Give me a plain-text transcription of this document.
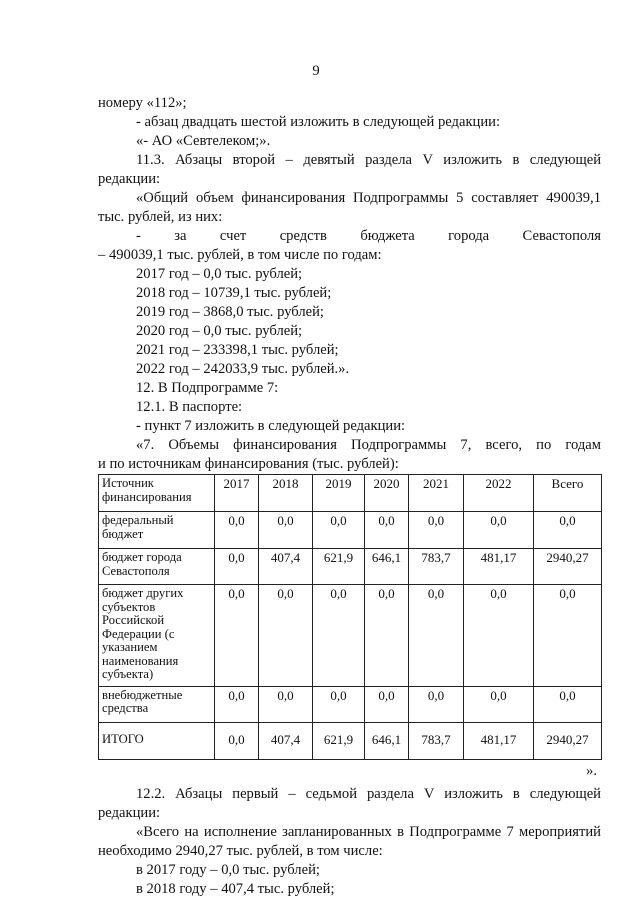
9

номеру «112»;

- абзац двадцать шестой изложить в следующей редакции:

«- АО «Севтелеком;».

11.3. Абзацы второй – девятый раздела V изложить в следующей

редакции:

«Общий объем финансирования Подпрограммы 5 составляет 490039,1

тыс. рублей, из них:

- за счет средств бюджета города Севастополя

– 490039,1 тыс. рублей, в том числе по годам:

2017 год – 0,0 тыс. рублей;

2018 год – 10739,1 тыс. рублей;

2019 год – 3868,0 тыс. рублей;

2020 год – 0,0 тыс. рублей;

2021 год – 233398,1 тыс. рублей;

2022 год – 242033,9 тыс. рублей.».

12. В Подпрограмме 7:

12.1. В паспорте:

- пункт 7 изложить в следующей редакции:

«7. Объемы финансирования Подпрограммы 7, всего, по годам

и по источникам финансирования (тыс. рублей):

Источник финансирования	2017	2018	2019	2020	2021	2022	Всего
федеральный бюджет	0,0	0,0	0,0	0,0	0,0	0,0	0,0
бюджет города Севастополя	0,0	407,4	621,9	646,1	783,7	481,17	2940,27
бюджет других субъектов Российской Федерации (с указанием наименования субъекта)	0,0	0,0	0,0	0,0	0,0	0,0	0,0
внебюджетные средства	0,0	0,0	0,0	0,0	0,0	0,0	0,0
ИТОГО	0,0	407,4	621,9	646,1	783,7	481,17	2940,27

».

12.2. Абзацы первый – седьмой раздела V изложить в следующей

редакции:

«Всего на исполнение запланированных в Подпрограмме 7 мероприятий

необходимо 2940,27 тыс. рублей, в том числе:

в 2017 году – 0,0 тыс. рублей;

в 2018 году – 407,4 тыс. рублей;
